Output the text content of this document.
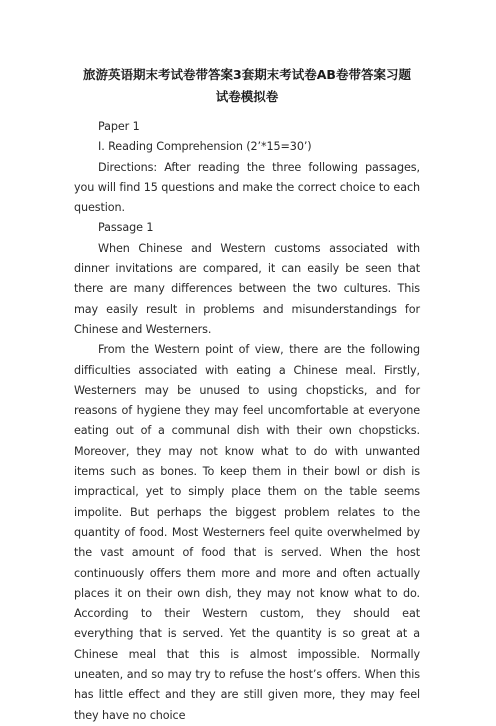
旅游英语期末考试卷带答案3套期末考试卷AB卷带答案习题
试卷模拟卷

Paper 1

I. Reading Comprehension (2’*15=30’)

Directions: After reading the three following passages, you will find 15 questions and make the correct choice to each question.

Passage 1

When Chinese and Western customs associated with dinner invitations are compared, it can easily be seen that there are many differences between the two cultures. This may easily result in problems and misunderstandings for Chinese and Westerners.

From the Western point of view, there are the following difficulties associated with eating a Chinese meal. Firstly, Westerners may be unused to using chopsticks, and for reasons of hygiene they may feel uncomfortable at everyone eating out of a communal dish with their own chopsticks. Moreover, they may not know what to do with unwanted items such as bones. To keep them in their bowl or dish is impractical, yet to simply place them on the table seems impolite. But perhaps the biggest problem relates to the quantity of food. Most Westerners feel quite overwhelmed by the vast amount of food that is served. When the host continuously offers them more and more and often actually places it on their own dish, they may not know what to do. According to their Western custom, they should eat everything that is served. Yet the quantity is so great at a Chinese meal that this is almost impossible. Normally uneaten, and so may try to refuse the host’s offers. When this has little effect and they are still given more, they may feel they have no choice
